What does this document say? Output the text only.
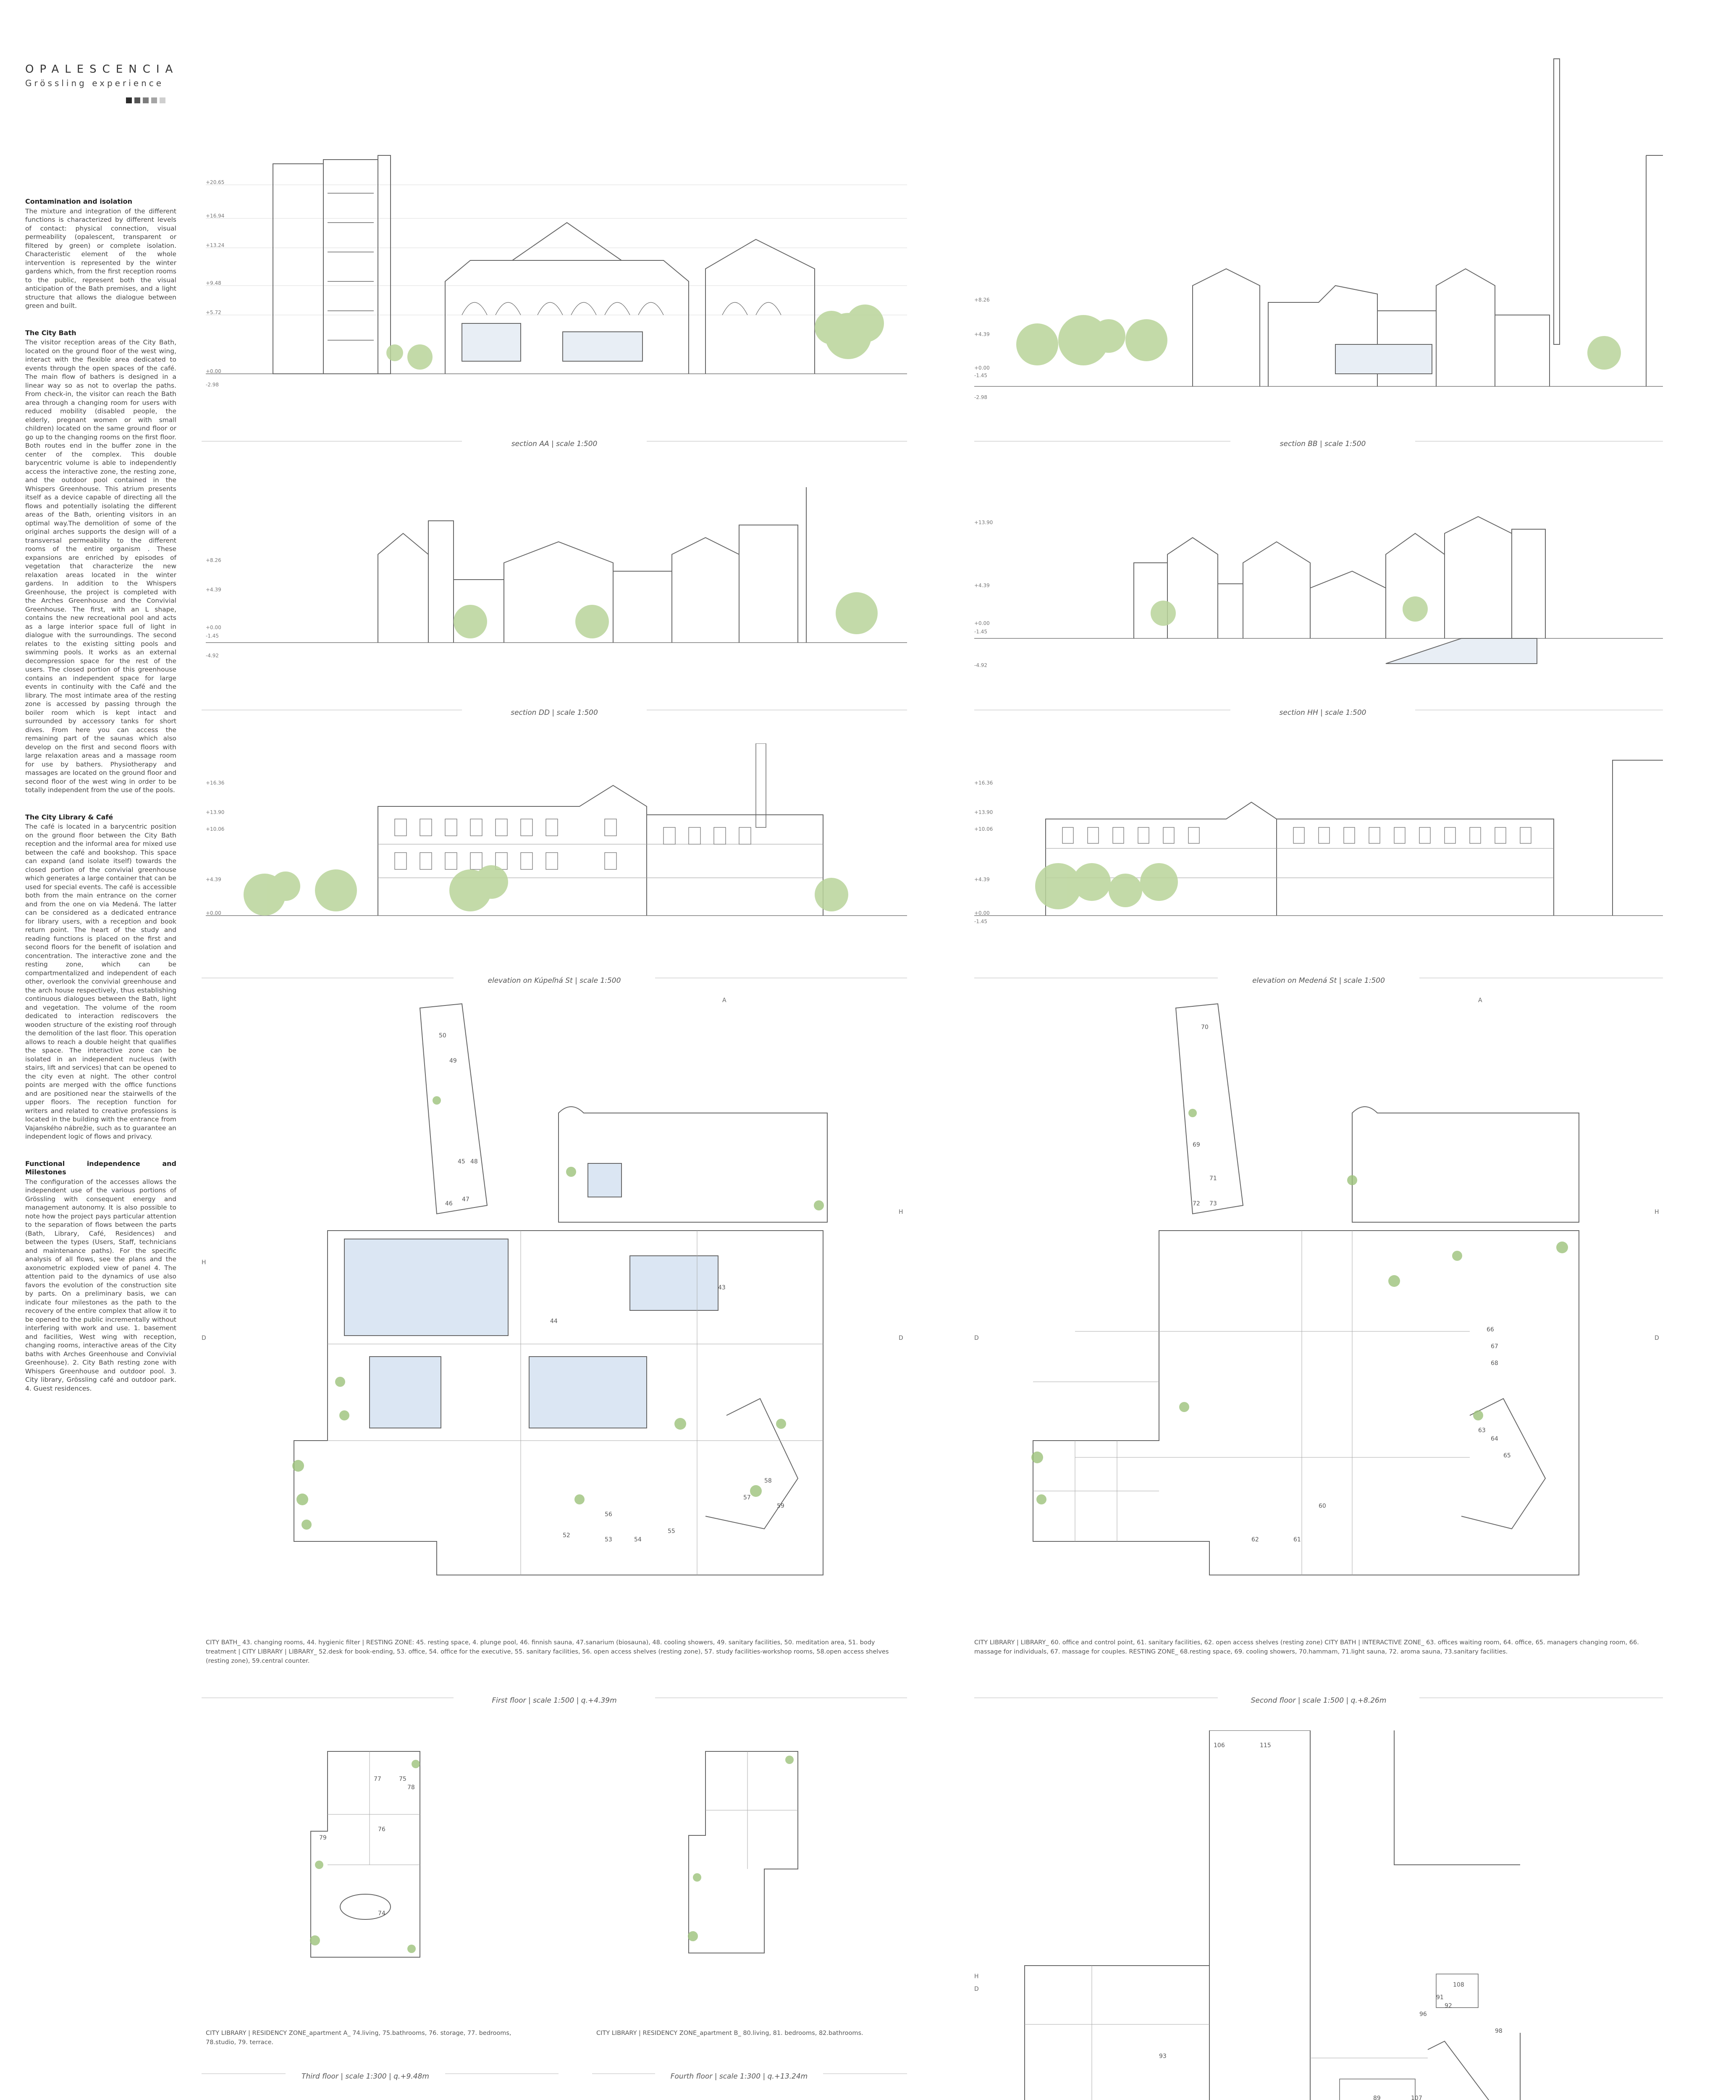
OPALESCENCIA
Grössling experience
Contamination and isolation

The mixture and integration of the different functions is characterized by different levels of contact: physical connection, visual permeability (opalescent, transparent or filtered by green) or complete isolation. Characteristic element of the whole intervention is represented by the winter gardens which, from the first reception rooms to the public, represent both the visual anticipation of the Bath premises, and a light structure that allows the dialogue between green and built.

The City Bath

The visitor reception areas of the City Bath, located on the ground floor of the west wing, interact with the flexible area dedicated to events through the open spaces of the café. The main flow of bathers is designed in a linear way so as not to overlap the paths. From check-in, the visitor can reach the Bath area through a changing room for users with reduced mobility (disabled people, the elderly, pregnant women or with small children) located on the same ground floor or go up to the changing rooms on the first floor. Both routes end in the buffer zone in the center of the complex. This double barycentric volume is able to independently access the interactive zone, the resting zone, and the outdoor pool contained in the Whispers Greenhouse. This atrium presents itself as a device capable of directing all the flows and potentially isolating the different areas of the Bath, orienting visitors in an optimal way.The demolition of some of the original arches supports the design will of a transversal permeability to the different rooms of the entire organism . These expansions are enriched by episodes of vegetation that characterize the new relaxation areas located in the winter gardens. In addition to the Whispers Greenhouse, the project is completed with the Arches Greenhouse and the Convivial Greenhouse. The first, with an L shape, contains the new recreational pool and acts as a large interior space full of light in dialogue with the surroundings. The second relates to the existing sitting pools and swimming pools. It works as an external decompression space for the rest of the users. The closed portion of this greenhouse contains an independent space for large events in continuity with the Café and the library. The most intimate area of the resting zone is accessed by passing through the boiler room which is kept intact and surrounded by accessory tanks for short dives. From here you can access the remaining part of the saunas which also develop on the first and second floors with large relaxation areas and a massage room for use by bathers. Physiotherapy and massages are located on the ground floor and second floor of the west wing in order to be totally independent from the use of the pools.

The City Library & Café

The café is located in a barycentric position on the ground floor between the City Bath reception and the informal area for mixed use between the café and bookshop. This space can expand (and isolate itself) towards the closed portion of the convivial greenhouse which generates a large container that can be used for special events. The café is accessible both from the main entrance on the corner and from the one on via Medená. The latter can be considered as a dedicated entrance for library users, with a reception and book return point. The heart of the study and reading functions is placed on the first and second floors for the benefit of isolation and concentration. The interactive zone and the resting zone, which can be compartmentalized and independent of each other, overlook the convivial greenhouse and the arch house respectively, thus establishing continuous dialogues between the Bath, light and vegetation. The volume of the room dedicated to interaction rediscovers the wooden structure of the existing roof through the demolition of the last floor. This operation allows to reach a double height that qualifies the space. The interactive zone can be isolated in an independent nucleus (with stairs, lift and services) that can be opened to the city even at night. The other control points are merged with the office functions and are positioned near the stairwells of the upper floors. The reception function for writers and related to creative professions is located in the building with the entrance from Vajanského nábrežie, such as to guarantee an independent logic of flows and privacy.

Functional independence and Milestones

The configuration of the accesses allows the independent use of the various portions of Grössling with consequent energy and management autonomy. It is also possible to note how the project pays particular attention to the separation of flows between the parts (Bath, Library, Café, Residences) and between the types (Users, Staff, technicians and maintenance paths). For the specific analysis of all flows, see the plans and the axonometric exploded view of panel 4. The attention paid to the dynamics of use also favors the evolution of the construction site by parts. On a preliminary basis, we can indicate four milestones as the path to the recovery of the entire complex that allow it to be opened to the public incrementally without interfering with work and use. 1. basement and facilities, West wing with reception, changing rooms, interactive areas of the City baths with Arches Greenhouse and Convivial Greenhouse). 2. City Bath resting zone with Whispers Greenhouse and outdoor pool. 3. City library, Grössling café and outdoor park. 4. Guest residences.

+20.65
+16.94
+13.24
+9.48
+5.72
+0.00
-2.98
section AA | scale 1:500
+8.26
+4.39
+0.00
-1.45
-2.98
section BB | scale 1:500
+8.26
+4.39
+0.00
-1.45
-4.92
section DD | scale 1:500
+13.90
+4.39
+0.00
-1.45
-4.92
section HH | scale 1:500
+16.36
+13.90
+10.06
+4.39
+0.00
elevation on Kúpeľná St | scale 1:500
+16.36
+13.90
+10.06
+4.39
+0.00
-1.45
elevation on Medená St | scale 1:500
A
H
D
H
D
50
49
44
45
46
47
48
43
52
53	54
55
56
57
58
59
CITY BATH_ 43. changing rooms, 44. hygienic filter | RESTING ZONE: 45. resting space, 4. plunge pool, 46. finnish sauna, 47.sanarium (biosauna), 48. cooling showers, 49. sanitary facilities, 50. meditation area, 51. body treatment | CITY LIBRARY | LIBRARY_ 52.desk for book-ending, 53. office, 54. office for the executive, 55. sanitary facilities, 56. open access shelves (resting zone), 57. study facilities-workshop rooms, 58.open access shelves (resting zone), 59.central counter.
First floor | scale 1:500 | q.+4.39m
A
D
H
D
70
69
71
72 73
62	61
60
64
65
66
67
68
63
CITY LIBRARY | LIBRARY_ 60. office and control point, 61. sanitary facilities, 62. open access shelves (resting zone) CITY BATH | INTERACTIVE ZONE_ 63. offices waiting room, 64. office, 65. managers changing room, 66. massage for individuals, 67. massage for couples. RESTING ZONE_ 68.resting space, 69. cooling showers, 70.hammam, 71.light sauna, 72. aroma sauna, 73.sanitary facilities.
Second floor | scale 1:500 | q.+8.26m
74
75
76
77
78
79
CITY LIBRARY | RESIDENCY ZONE_apartment A_ 74.living, 75.bathrooms, 76. storage, 77. bedrooms, 78.studio, 79. terrace.
Third floor | scale 1:300 | q.+9.48m
CITY LIBRARY | RESIDENCY ZONE_apartment B_ 80.living, 81. bedrooms, 82.bathrooms.
Fourth floor | scale 1:300 | q.+13.24m
H
D
106	115
108
91
92
96
89	107
98
93
